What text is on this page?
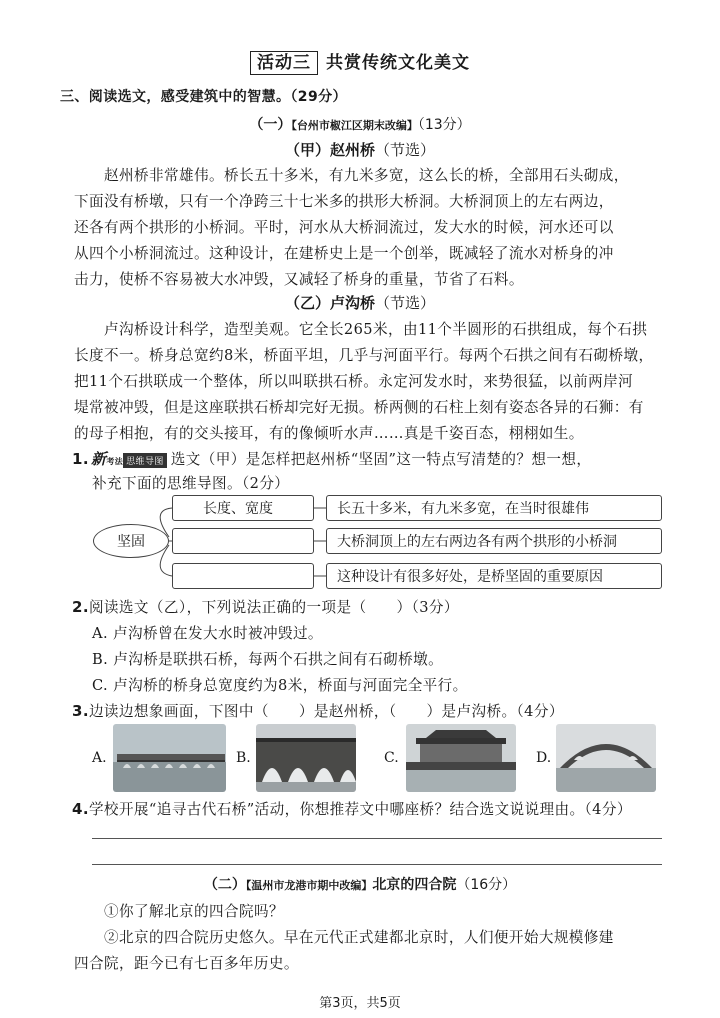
活动三 共赏传统文化美文
三、阅读选文，感受建筑中的智慧。（29分）
（一）【台州市椒江区期末改编】（13分）
（甲）赵州桥（节选）
赵州桥非常雄伟。桥长五十多米，有九米多宽，这么长的桥，全部用石头砌成，
下面没有桥墩，只有一个净跨三十七米多的拱形大桥洞。大桥洞顶上的左右两边，
还各有两个拱形的小桥洞。平时，河水从大桥洞流过，发大水的时候，河水还可以
从四个小桥洞流过。这种设计，在建桥史上是一个创举，既减轻了流水对桥身的冲
击力，使桥不容易被大水冲毁，又减轻了桥身的重量，节省了石料。
（乙）卢沟桥（节选）
卢沟桥设计科学，造型美观。它全长265米，由11个半圆形的石拱组成，每个石拱
长度不一。桥身总宽约8米，桥面平坦，几乎与河面平行。每两个石拱之间有石砌桥墩，
把11个石拱联成一个整体，所以叫联拱石桥。永定河发水时，来势很猛，以前两岸河
堤常被冲毁，但是这座联拱石桥却完好无损。桥两侧的石柱上刻有姿态各异的石狮：有
的母子相抱，有的交头接耳，有的像倾听水声……真是千姿百态，栩栩如生。
1. 新考法 思维导图 选文（甲）是怎样把赵州桥“坚固”这一特点写清楚的？想一想，
补充下面的思维导图。（2分）
坚固
长度、宽度	长五十多米，有九米多宽，在当时很雄伟
大桥洞顶上的左右两边各有两个拱形的小桥洞
这种设计有很多好处，是桥坚固的重要原因
2.阅读选文（乙），下列说法正确的一项是（　　）（3分）
A. 卢沟桥曾在发大水时被冲毁过。
B. 卢沟桥是联拱石桥，每两个石拱之间有石砌桥墩。
C. 卢沟桥的桥身总宽度约为8米，桥面与河面完全平行。
3.边读边想象画面，下图中（　　）是赵州桥，（　　）是卢沟桥。（4分）
A.	B.	C.	D.
4.学校开展“追寻古代石桥”活动，你想推荐文中哪座桥？结合选文说说理由。（4分）
（二）【温州市龙港市期中改编】北京的四合院（16分）
①你了解北京的四合院吗？
②北京的四合院历史悠久。早在元代正式建都北京时，人们便开始大规模修建
四合院，距今已有七百多年历史。
第3页，共5页
